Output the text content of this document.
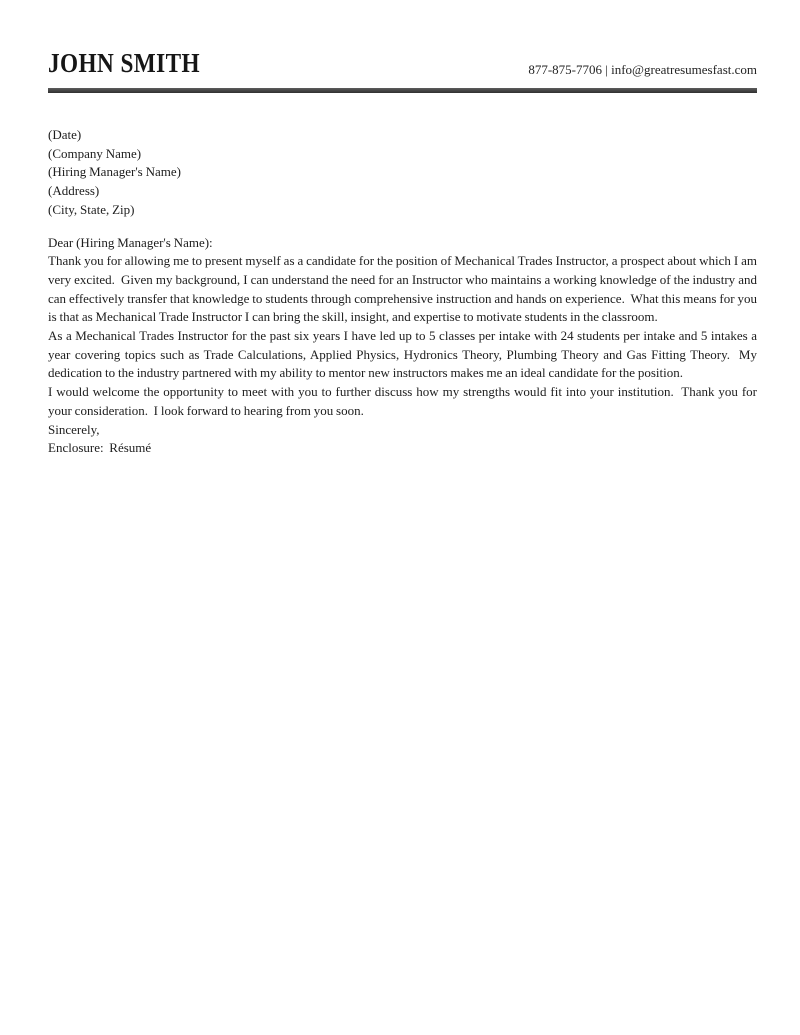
JOHN SMITH	877-875-7706 | info@greatresumesfast.com

(Date)

(Company Name)

(Hiring Manager's Name)

(Address)

(City, State, Zip)

Dear (Hiring Manager's Name):

Thank you for allowing me to present myself as a candidate for the position of Mechanical Trades Instructor, a prospect about which I am very excited.  Given my background, I can understand the need for an Instructor who maintains a working knowledge of the industry and can effectively transfer that knowledge to students through comprehensive instruction and hands on experience.  What this means for you is that as Mechanical Trade Instructor I can bring the skill, insight, and expertise to motivate students in the classroom.

As a Mechanical Trades Instructor for the past six years I have led up to 5 classes per intake with 24 students per intake and 5 intakes a year covering topics such as Trade Calculations, Applied Physics, Hydronics Theory, Plumbing Theory and Gas Fitting Theory.  My dedication to the industry partnered with my ability to mentor new instructors makes me an ideal candidate for the position.

I would welcome the opportunity to meet with you to further discuss how my strengths would fit into your institution.  Thank you for your consideration.  I look forward to hearing from you soon.

Sincerely,

Enclosure:  Résumé
